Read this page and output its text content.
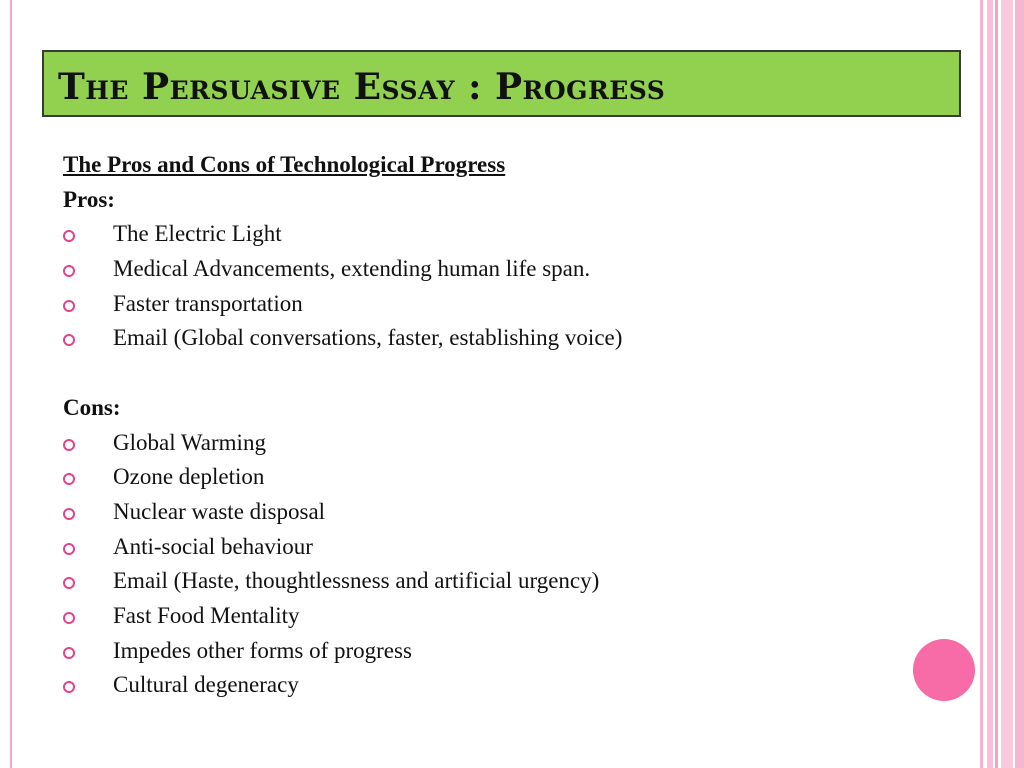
The Persuasive Essay : Progress
The Pros and Cons of Technological Progress
Pros:
The Electric Light
Medical Advancements, extending human life span.
Faster transportation
Email (Global conversations, faster, establishing voice)
Cons:
Global Warming
Ozone depletion
Nuclear waste disposal
Anti-social behaviour
Email (Haste, thoughtlessness and artificial urgency)
Fast Food Mentality
Impedes other forms of progress
Cultural degeneracy
